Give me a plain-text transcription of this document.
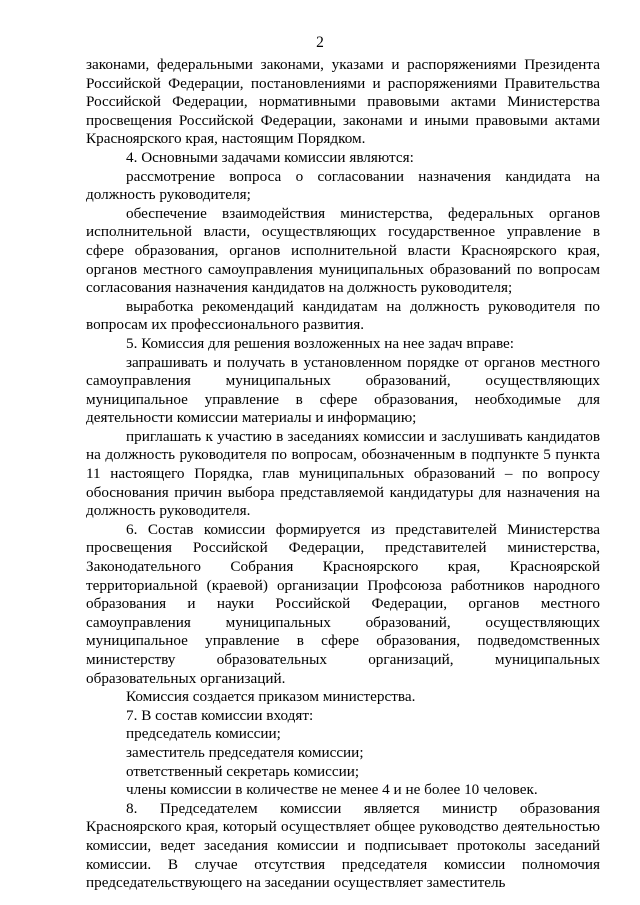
2

законами, федеральными законами, указами и распоряжениями Президента Российской Федерации, постановлениями и распоряжениями Правительства Российской Федерации, нормативными правовыми актами Министерства просвещения Российской Федерации, законами и иными правовыми актами Красноярского края, настоящим Порядком.

4. Основными задачами комиссии являются:

рассмотрение вопроса о согласовании назначения кандидата на должность руководителя;

обеспечение взаимодействия министерства, федеральных органов исполнительной власти, осуществляющих государственное управление в сфере образования, органов исполнительной власти Красноярского края, органов местного самоуправления муниципальных образований по вопросам согласования назначения кандидатов на должность руководителя;

выработка рекомендаций кандидатам на должность руководителя по вопросам их профессионального развития.

5. Комиссия для решения возложенных на нее задач вправе:

запрашивать и получать в установленном порядке от органов местного самоуправления муниципальных образований, осуществляющих муниципальное управление в сфере образования, необходимые для деятельности комиссии материалы и информацию;

приглашать к участию в заседаниях комиссии и заслушивать кандидатов на должность руководителя по вопросам, обозначенным в подпункте 5 пункта 11 настоящего Порядка, глав муниципальных образований – по вопросу обоснования причин выбора представляемой кандидатуры для назначения на должность руководителя.

6. Состав комиссии формируется из представителей Министерства просвещения Российской Федерации, представителей министерства, Законодательного Собрания Красноярского края, Красноярской территориальной (краевой) организации Профсоюза работников народного образования и науки Российской Федерации, органов местного самоуправления муниципальных образований, осуществляющих муниципальное управление в сфере образования, подведомственных министерству образовательных организаций, муниципальных образовательных организаций.

Комиссия создается приказом министерства.

7. В состав комиссии входят:

председатель комиссии;

заместитель председателя комиссии;

ответственный секретарь комиссии;

члены комиссии в количестве не менее 4 и не более 10 человек.

8. Председателем комиссии является министр образования Красноярского края, который осуществляет общее руководство деятельностью комиссии, ведет заседания комиссии и подписывает протоколы заседаний комиссии. В случае отсутствия председателя комиссии полномочия председательствующего на заседании осуществляет заместитель
